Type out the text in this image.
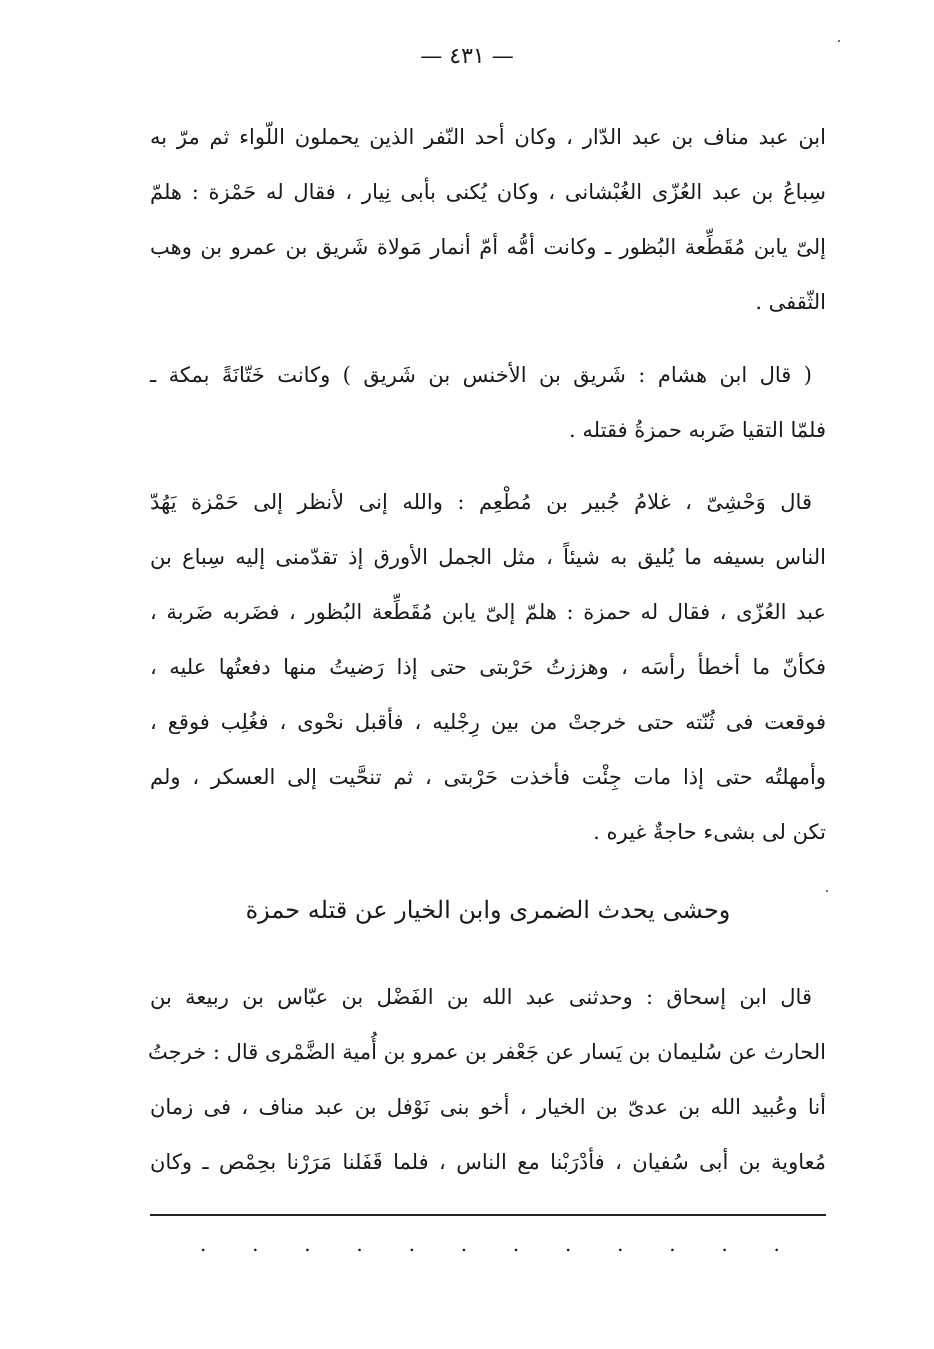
— ٤٣١ —
ابن عبد مناف بن عبد الدّار ، وكان أحد النّفر الذين يحملون اللّواء ثم مرّ به
سِباعُ بن عبد العُزّى الغُبْشانى ، وكان يُكنى بأبى نِيار ، فقال له حَمْزة : هلمّ
إلىّ يابن مُقَطِّعة البُظور ـ وكانت أمُّه أمّ أنمار مَولاة شَريق بن عمرو بن وهب
الثّقفى .
( قال ابن هشام : شَريق بن الأخنس بن شَريق ) وكانت خَتّانَةً بمكة ـ
فلمّا التقيا ضَربه حمزةُ فقتله .
قال وَحْشِىّ ، غلامُ جُبير بن مُطْعِم : والله إنى لأنظر إلى حَمْزة يَهُدّ
الناس بسيفه ما يُليق به شيئاً ، مثل الجمل الأورق إذ تقدّمنى إليه سِباع بن
عبد العُزّى ، فقال له حمزة : هلمّ إلىّ يابن مُقَطِّعة البُظور ، فضَربه ضَربة ،
فكأنّ ما أخطأ رأسَه ، وهززتُ حَرْبتى حتى إذا رَضيتُ منها دفعتُها عليه ،
فوقعت فى ثُنّته حتى خرجتْ من بين رِجْليه ، فأقبل نحْوى ، فغُلِب فوقع ،
وأمهلتُه حتى إذا مات جِئْت فأخذت حَرْبتى ، ثم تنحَّيت إلى العسكر ، ولم
تكن لى بشىء حاجةٌ غيره .
وحشى يحدث الضمرى وابن الخيار عن قتله حمزة
قال ابن إسحاق : وحدثنى عبد الله بن الفَضْل بن عبّاس بن ربيعة بن
الحارث عن سُليمان بن يَسار عن جَعْفر بن عمرو بن أُمية الضَّمْرى قال : خرجتُ
أنا وعُبيد الله بن عدىّ بن الخيار ، أخو بنى نَوْفل بن عبد مناف ، فى زمان
مُعاوية بن أبى سُفيان ، فأدْرَبْنا مع الناس ، فلما قَفَلنا مَرَرْنا بحِمْص ـ وكان
. . . . . . . . . . . .
